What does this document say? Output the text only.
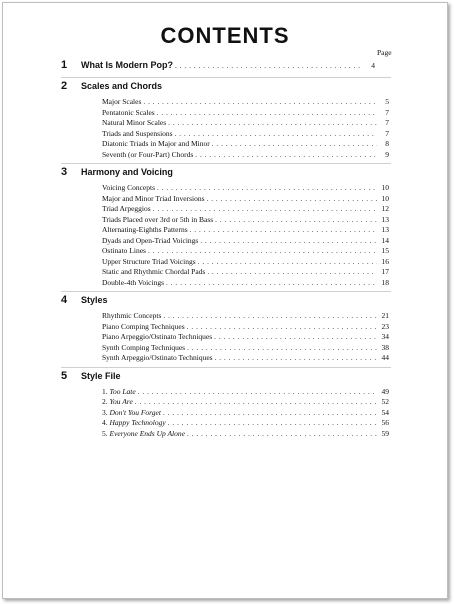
CONTENTS
Page
1 What Is Modern Pop? . . .	4
2 Scales and Chords
Major Scales . . .	5
Pentatonic Scales . . .	7
Natural Minor Scales . . .	7
Triads and Suspensions . . .	7
Diatonic Triads in Major and Minor . . .	8
Seventh (or Four-Part) Chords . . .	9
3 Harmony and Voicing
Voicing Concepts . . .	10
Major and Minor Triad Inversions . . .	10
Triad Arpeggios . . .	12
Triads Placed over 3rd or 5th in Bass . . .	13
Alternating-Eighths Patterns . . .	13
Dyads and Open-Triad Voicings . . .	14
Ostinato Lines . . .	15
Upper Structure Triad Voicings . . .	16
Static and Rhythmic Chordal Pads . . .	17
Double-4th Voicings . . .	18
4 Styles
Rhythmic Concepts . . .	21
Piano Comping Techniques . . .	23
Piano Arpeggio/Ostinato Techniques . . .	34
Synth Comping Techniques . . .	38
Synth Arpeggio/Ostinato Techniques . . .	44
5 Style File
1. Too Late . . .	49
2. You Are . . .	52
3. Don't You Forget . . .	54
4. Happy Technology . . .	56
5. Everyone Ends Up Alone . . .	59
